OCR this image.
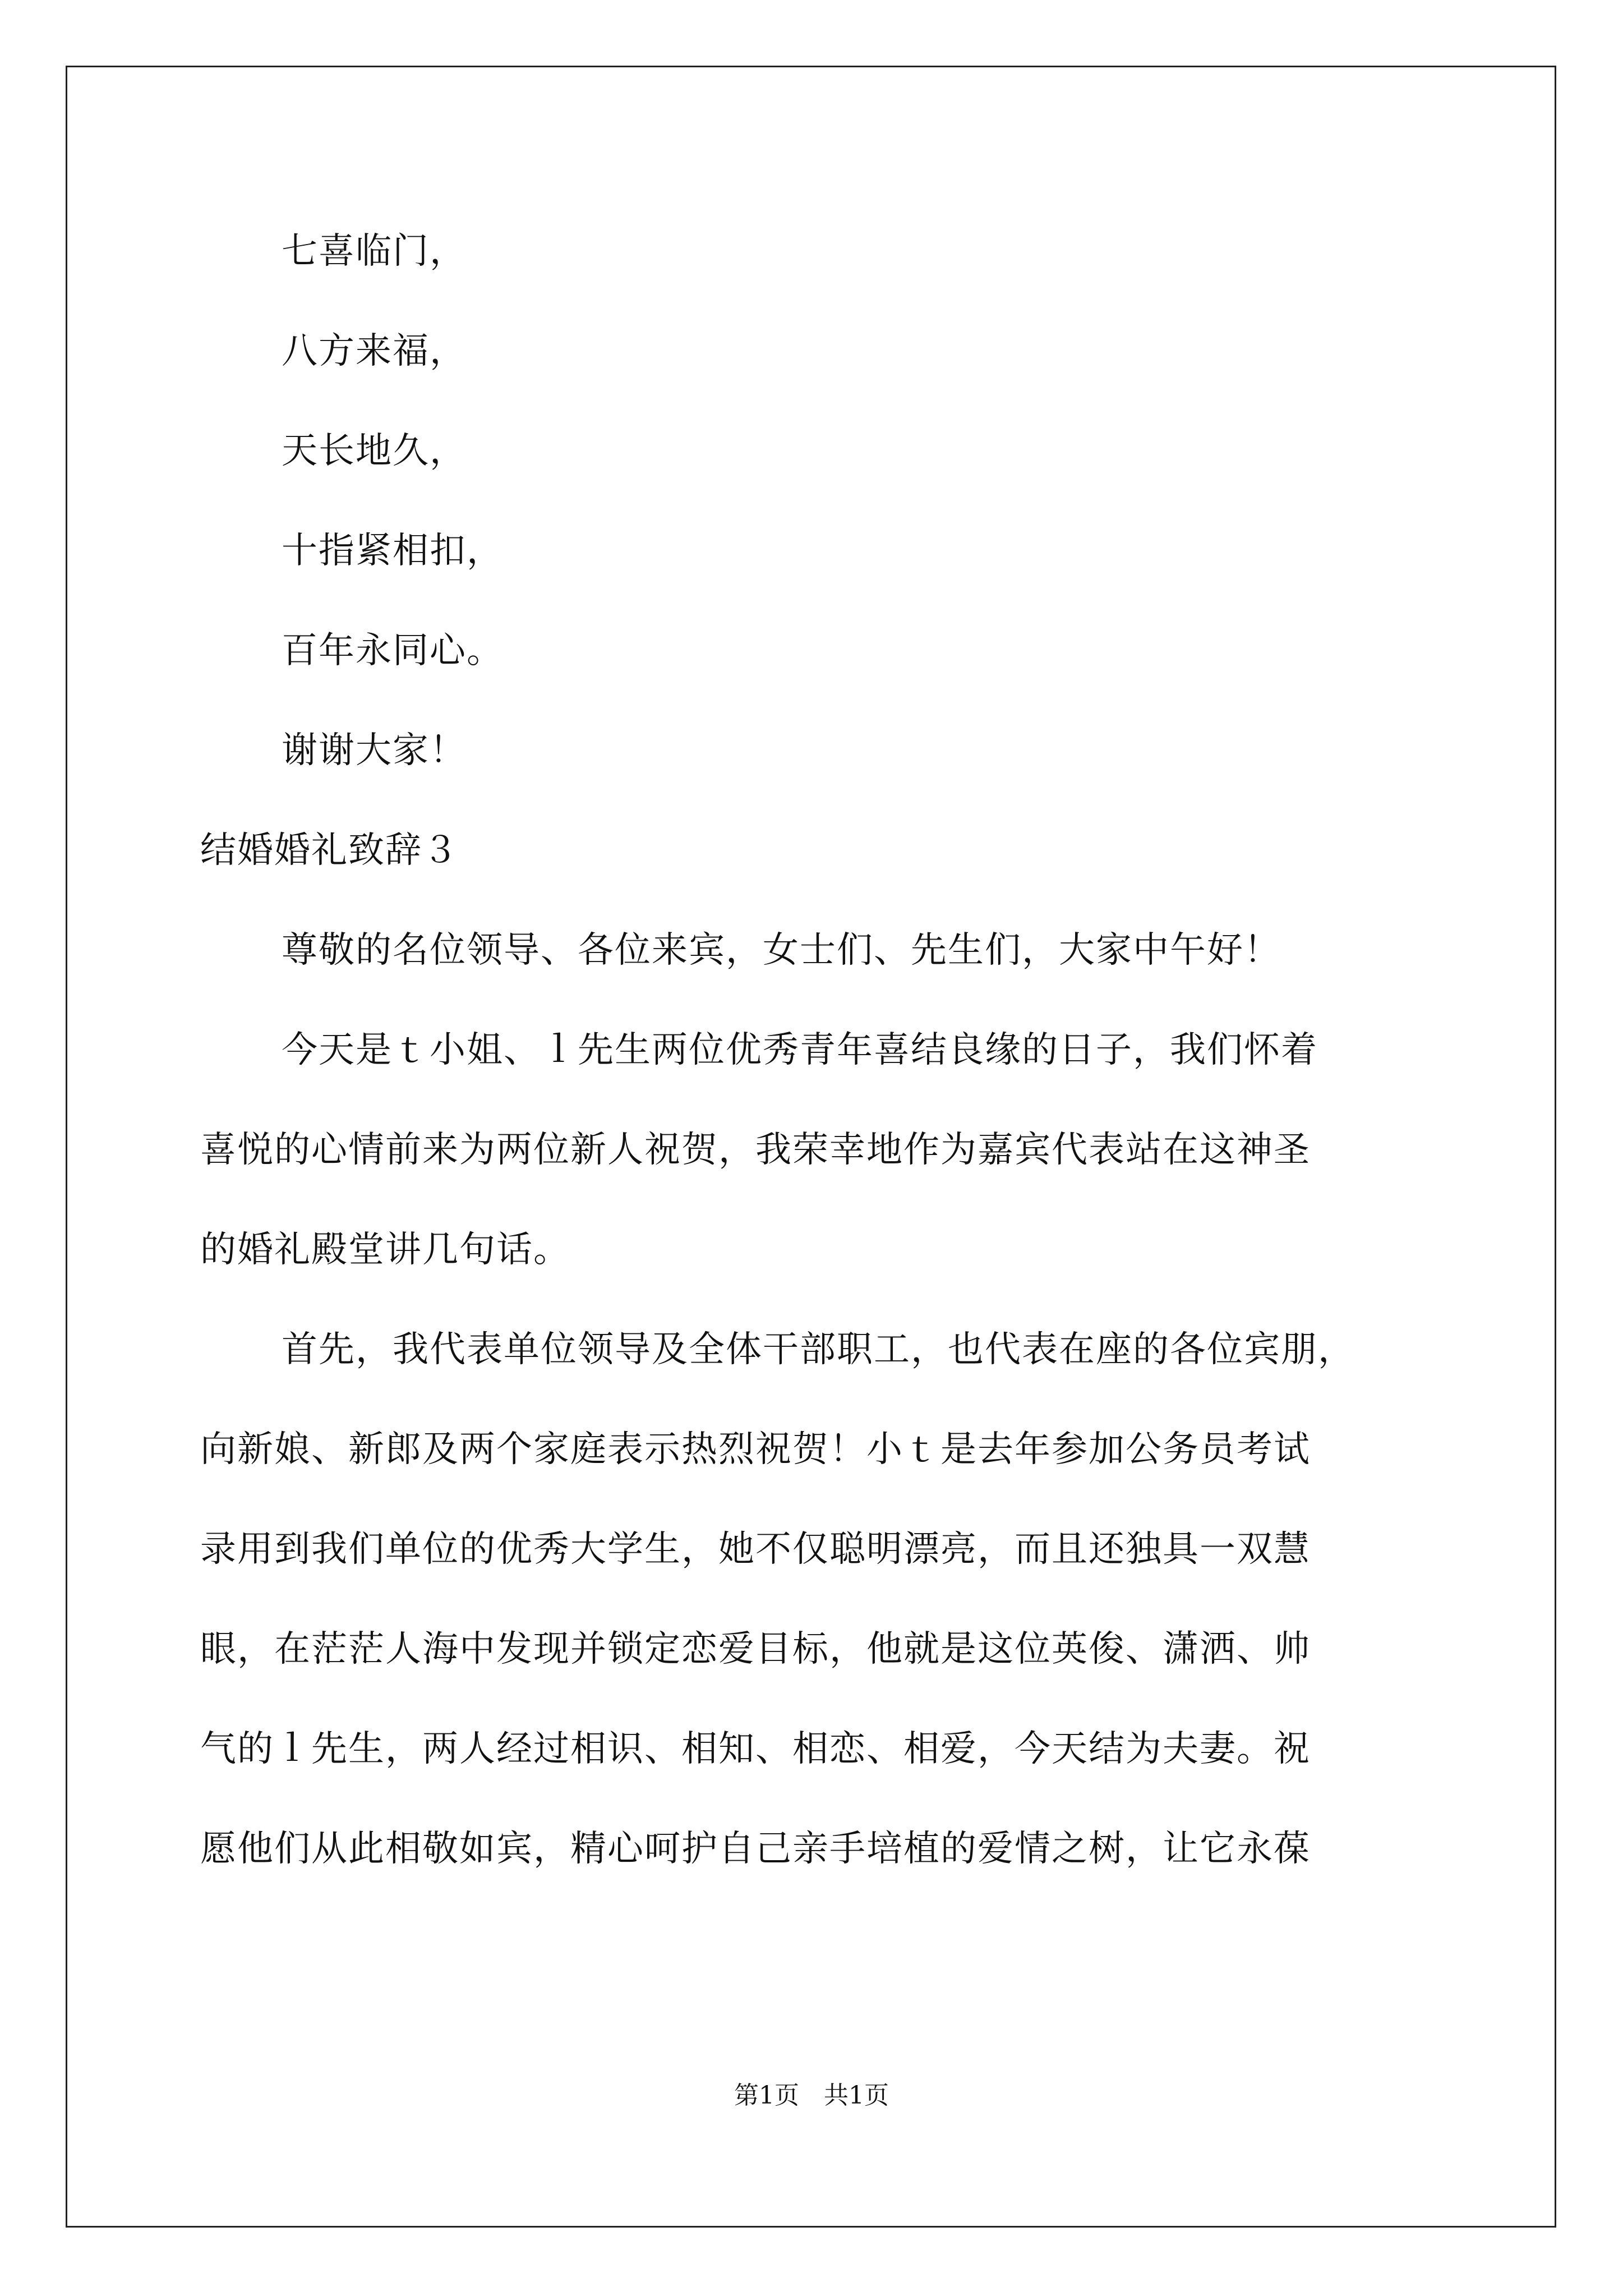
七喜临门，
八方来福，
天长地久，
十指紧相扣，
百年永同心。
谢谢大家！
结婚婚礼致辞３
尊敬的名位领导、各位来宾，女士们、先生们，大家中午好！
今天是ｔ小姐、ｌ先生两位优秀青年喜结良缘的日子，我们怀着
喜悦的心情前来为两位新人祝贺，我荣幸地作为嘉宾代表站在这神圣
的婚礼殿堂讲几句话。
首先，我代表单位领导及全体干部职工，也代表在座的各位宾朋，
向新娘、新郎及两个家庭表示热烈祝贺！小ｔ是去年参加公务员考试
录用到我们单位的优秀大学生，她不仅聪明漂亮，而且还独具一双慧
眼，在茫茫人海中发现并锁定恋爱目标，他就是这位英俊、潇洒、帅
气的ｌ先生，两人经过相识、相知、相恋、相爱，今天结为夫妻。祝
愿他们从此相敬如宾，精心呵护自己亲手培植的爱情之树，让它永葆
第1页　共1页
